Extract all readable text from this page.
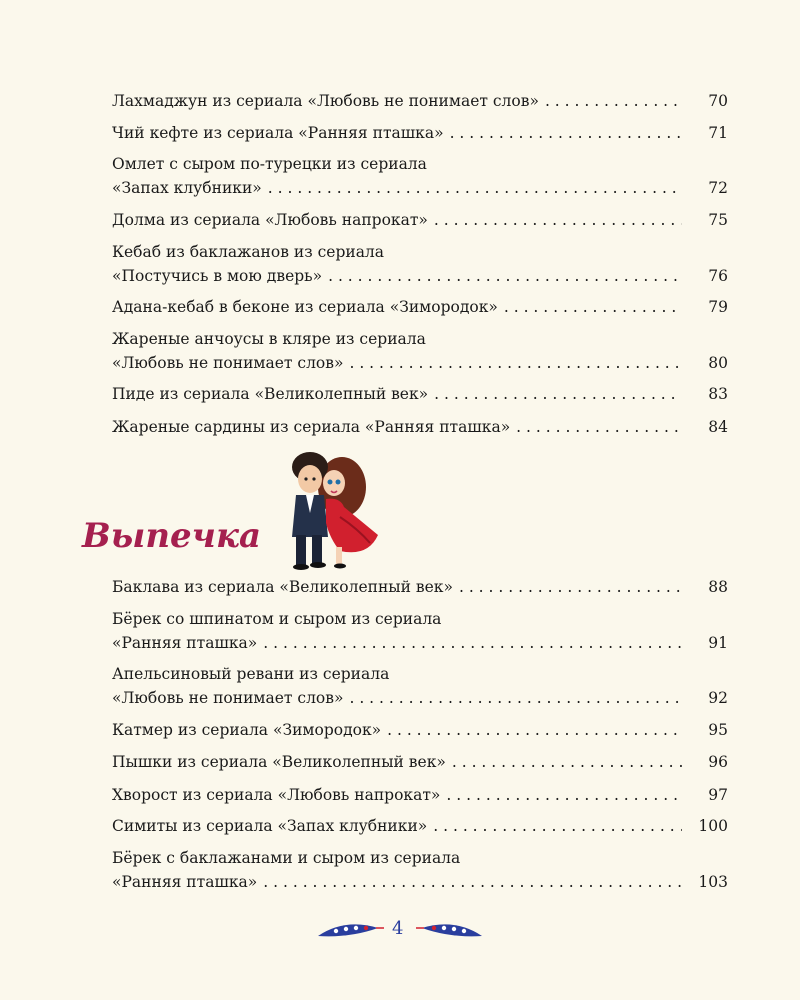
Лахмаджун из сериала «Любовь не понимает слов» . . .	70
Чий кефте из сериала «Ранняя пташка» . . .	71
Омлет с сыром по-турецки из сериала
«Запах клубники» . . .	72
Долма из сериала «Любовь напрокат» . . .	75
Кебаб из баклажанов из сериала
«Постучись в мою дверь» . . .	76
Адана-кебаб в беконе из сериала «Зимородок» . . .	79
Жареные анчоусы в кляре из сериала
«Любовь не понимает слов» . . .	80
Пиде из сериала «Великолепный век» . . .	83
Жареные сардины из сериала «Ранняя пташка» . . .	84
Выпечка
Баклава из сериала «Великолепный век» . . .	88
Бёрек со шпинатом и сыром из сериала
«Ранняя пташка» . . .	91
Апельсиновый ревани из сериала
«Любовь не понимает слов» . . .	92
Катмер из сериала «Зимородок» . . .	95
Пышки из сериала «Великолепный век» . . .	96
Хворост из сериала «Любовь напрокат» . . .	97
Симиты из сериала «Запах клубники» . . .	100
Бёрек с баклажанами и сыром из сериала
«Ранняя пташка» . . .	103
4
